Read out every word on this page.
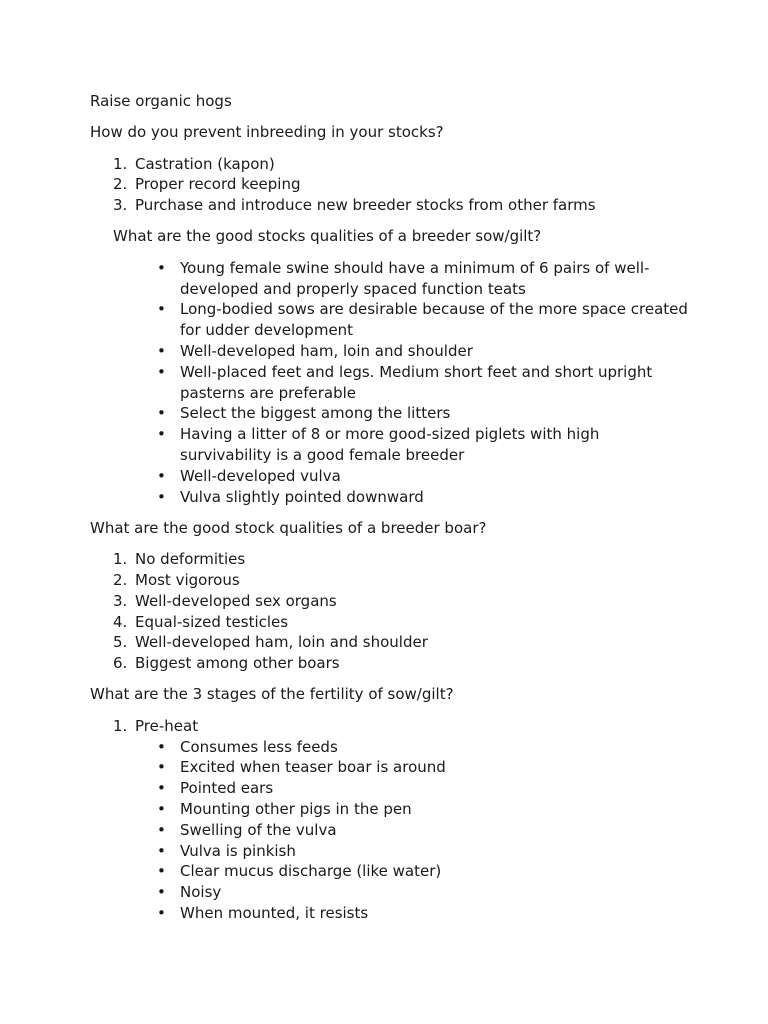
Raise organic hogs

How do you prevent inbreeding in your stocks?

1. Castration (kapon)
2. Proper record keeping
3. Purchase and introduce new breeder stocks from other farms

What are the good stocks qualities of a breeder sow/gilt?

• Young female swine should have a minimum of 6 pairs of well-developed and properly spaced function teats
• Long-bodied sows are desirable because of the more space created for udder development
• Well-developed ham, loin and shoulder
• Well-placed feet and legs. Medium short feet and short upright pasterns are preferable
• Select the biggest among the litters
• Having a litter of 8 or more good-sized piglets with high survivability is a good female breeder
• Well-developed vulva
• Vulva slightly pointed downward

What are the good stock qualities of a breeder boar?

1. No deformities
2. Most vigorous
3. Well-developed sex organs
4. Equal-sized testicles
5. Well-developed ham, loin and shoulder
6. Biggest among other boars

What are the 3 stages of the fertility of sow/gilt?

1. Pre-heat
• Consumes less feeds
• Excited when teaser boar is around
• Pointed ears
• Mounting other pigs in the pen
• Swelling of the vulva
• Vulva is pinkish
• Clear mucus discharge (like water)
• Noisy
• When mounted, it resists
